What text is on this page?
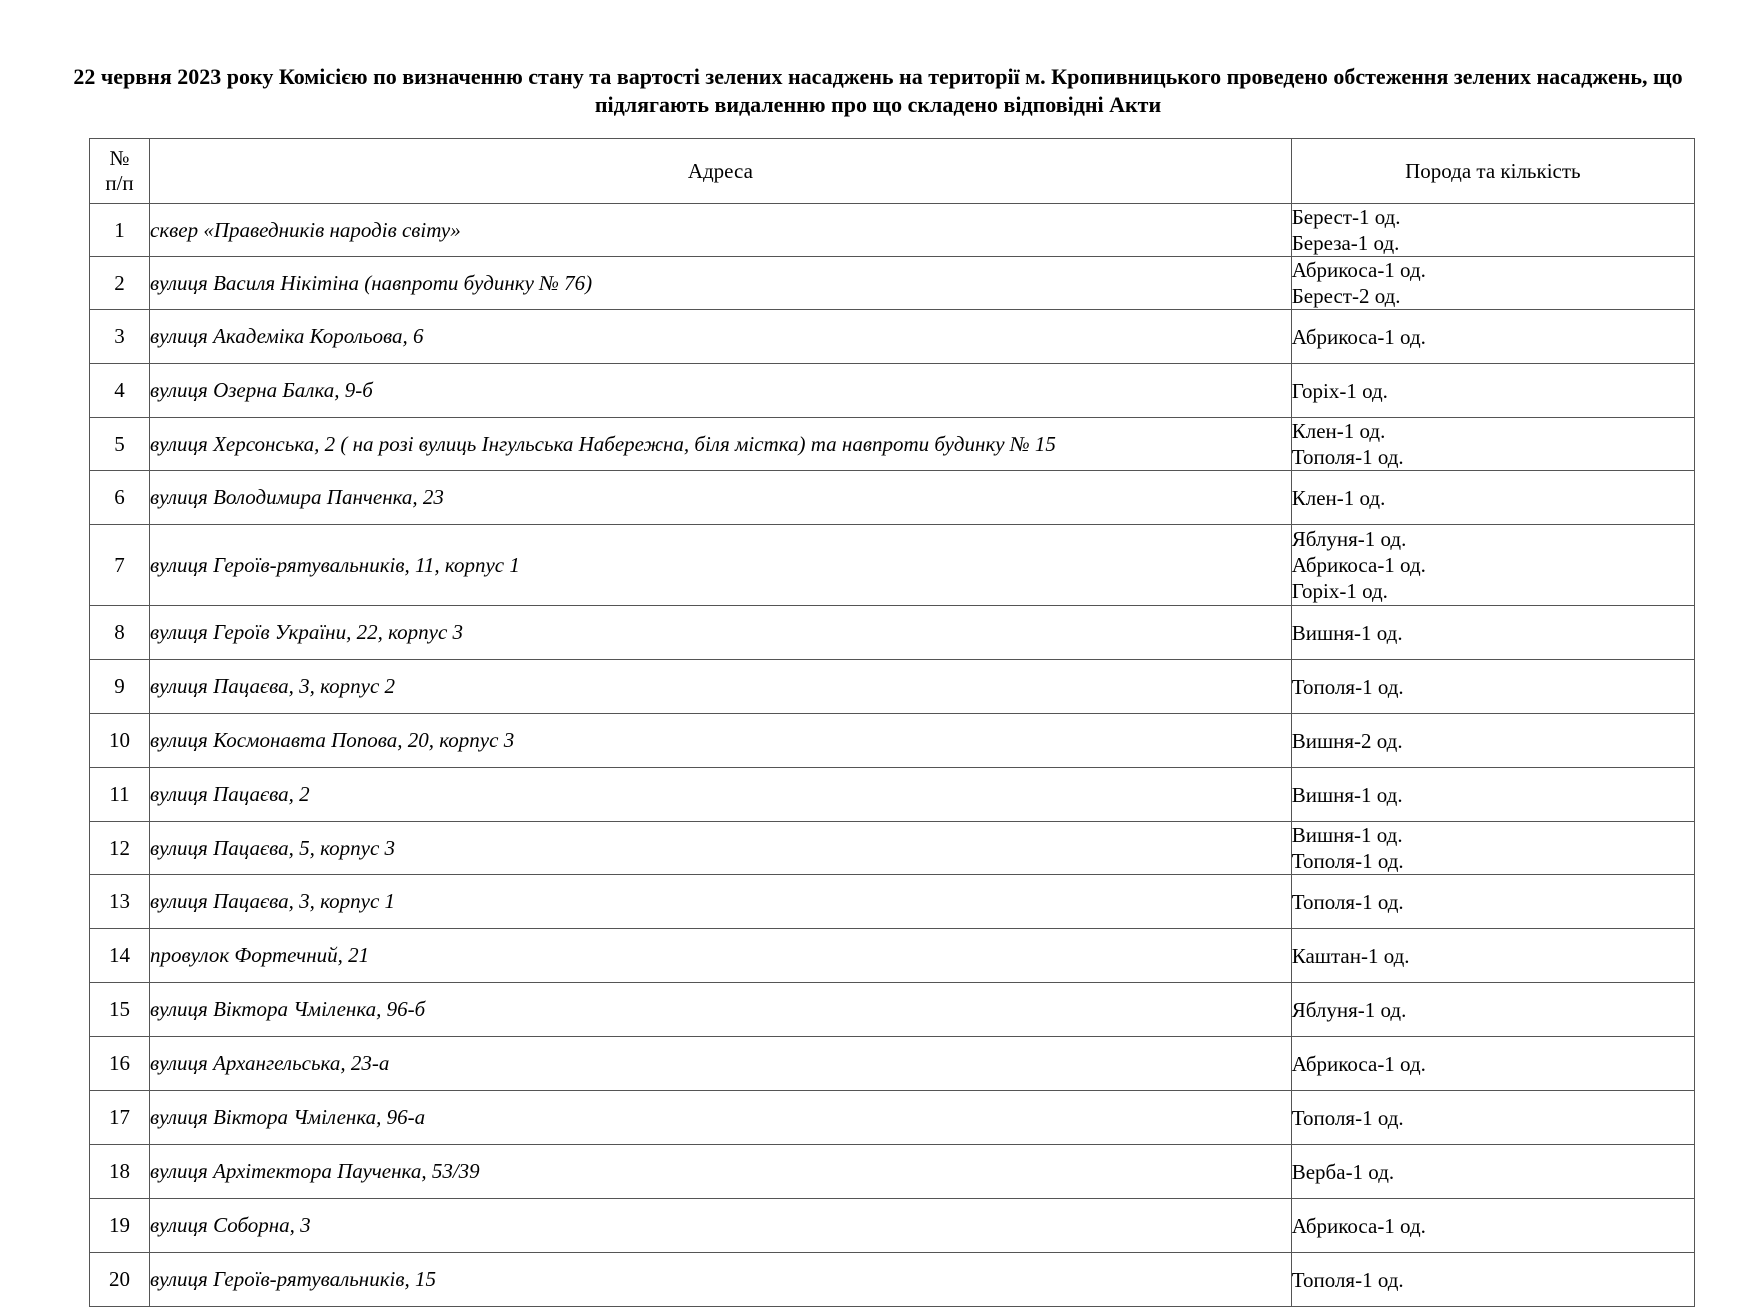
22 червня 2023 року Комісією по визначенню стану та вартості зелених насаджень на території м. Кропивницького проведено обстеження зелених насаджень, що підлягають видаленню про що складено відповідні Акти
№
п/п	Адреса	Порода та кількість
1	сквер «Праведників народів світу»	Берест-1 од.
Береза-1 од.

2	вулиця Василя Нікітіна (навпроти будинку № 76)	Абрикоса-1 од.
Берест-2 од.

3	вулиця Академіка Корольова, 6	Абрикоса-1 од.

4	вулиця Озерна Балка, 9-б	Горіх-1 од.

5	вулиця Херсонська, 2 ( на розі вулиць Інгульська Набережна, біля містка) та навпроти будинку № 15	Клен-1 од.
Тополя-1 од.

6	вулиця Володимира Панченка, 23	Клен-1 од.

7	вулиця Героїв-рятувальників, 11, корпус 1	Яблуня-1 од.
Абрикоса-1 од.
Горіх-1 од.

8	вулиця Героїв України, 22, корпус 3	Вишня-1 од.

9	вулиця Пацаєва, 3, корпус 2	Тополя-1 од.

10	вулиця Космонавта Попова, 20, корпус 3	Вишня-2 од.

11	вулиця Пацаєва, 2	Вишня-1 од.

12	вулиця Пацаєва, 5, корпус 3	Вишня-1 од.
Тополя-1 од.

13	вулиця Пацаєва, 3, корпус 1	Тополя-1 од.

14	провулок Фортечний, 21	Каштан-1 од.

15	вулиця Віктора Чміленка, 96-б	Яблуня-1 од.

16	вулиця Архангельська, 23-а	Абрикоса-1 од.

17	вулиця Віктора Чміленка, 96-а	Тополя-1 од.

18	вулиця Архітектора Паученка, 53/39	Верба-1 од.

19	вулиця Соборна, 3	Абрикоса-1 од.

20	вулиця Героїв-рятувальників, 15	Тополя-1 од.
